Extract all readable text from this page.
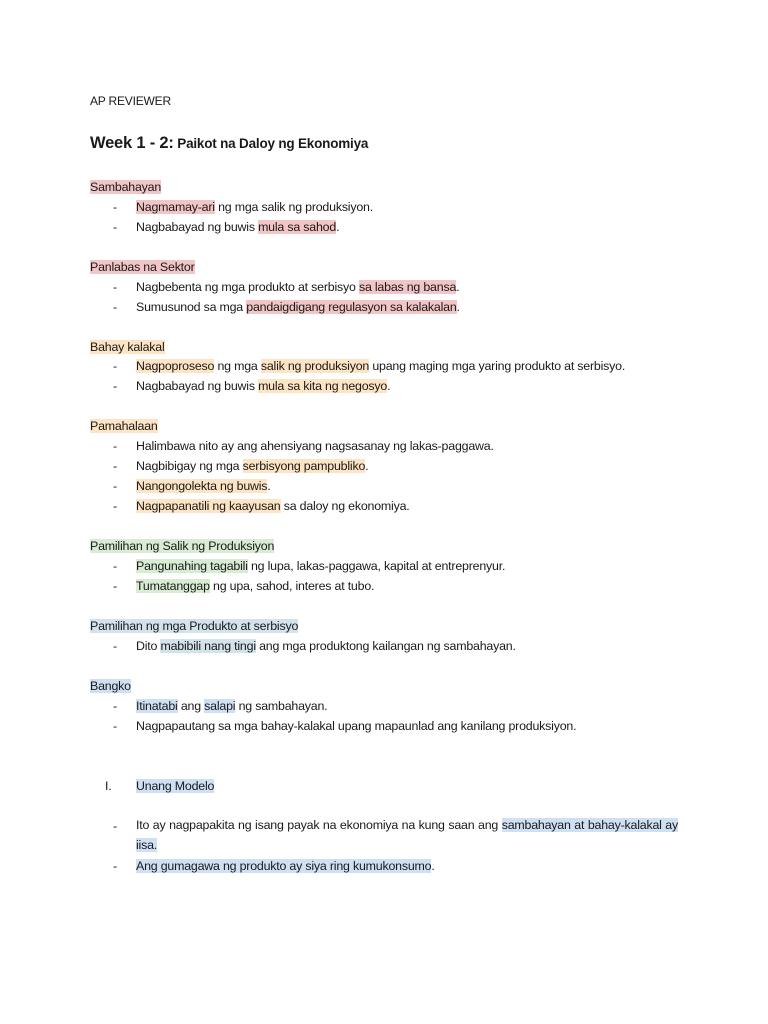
AP REVIEWER
Week 1 - 2: Paikot na Daloy ng Ekonomiya
Sambahayan
- Nagmamay-ari ng mga salik ng produksiyon.
- Nagbabayad ng buwis mula sa sahod.
Panlabas na Sektor
- Nagbebenta ng mga produkto at serbisyo sa labas ng bansa.
- Sumusunod sa mga pandaigdigang regulasyon sa kalakalan.
Bahay kalakal
- Nagpoproseso ng mga salik ng produksiyon upang maging mga yaring produkto at serbisyo.
- Nagbabayad ng buwis mula sa kita ng negosyo.
Pamahalaan
- Halimbawa nito ay ang ahensiyang nagsasanay ng lakas-paggawa.
- Nagbibigay ng mga serbisyong pampubliko.
- Nangongolekta ng buwis.
- Nagpapanatili ng kaayusan sa daloy ng ekonomiya.
Pamilihan ng Salik ng Produksiyon
- Pangunahing tagabili ng lupa, lakas-paggawa, kapital at entreprenyur.
- Tumatanggap ng upa, sahod, interes at tubo.
Pamilihan ng mga Produkto at serbisyo
- Dito mabibili nang tingi ang mga produktong kailangan ng sambahayan.
Bangko
- Itinatabi ang salapi ng sambahayan.
- Nagpapautang sa mga bahay-kalakal upang mapaunlad ang kanilang produksiyon.
I. Unang Modelo
- Ito ay nagpapakita ng isang payak na ekonomiya na kung saan ang sambahayan at bahay-kalakal ay iisa.
- Ang gumagawa ng produkto ay siya ring kumukonsumo.
